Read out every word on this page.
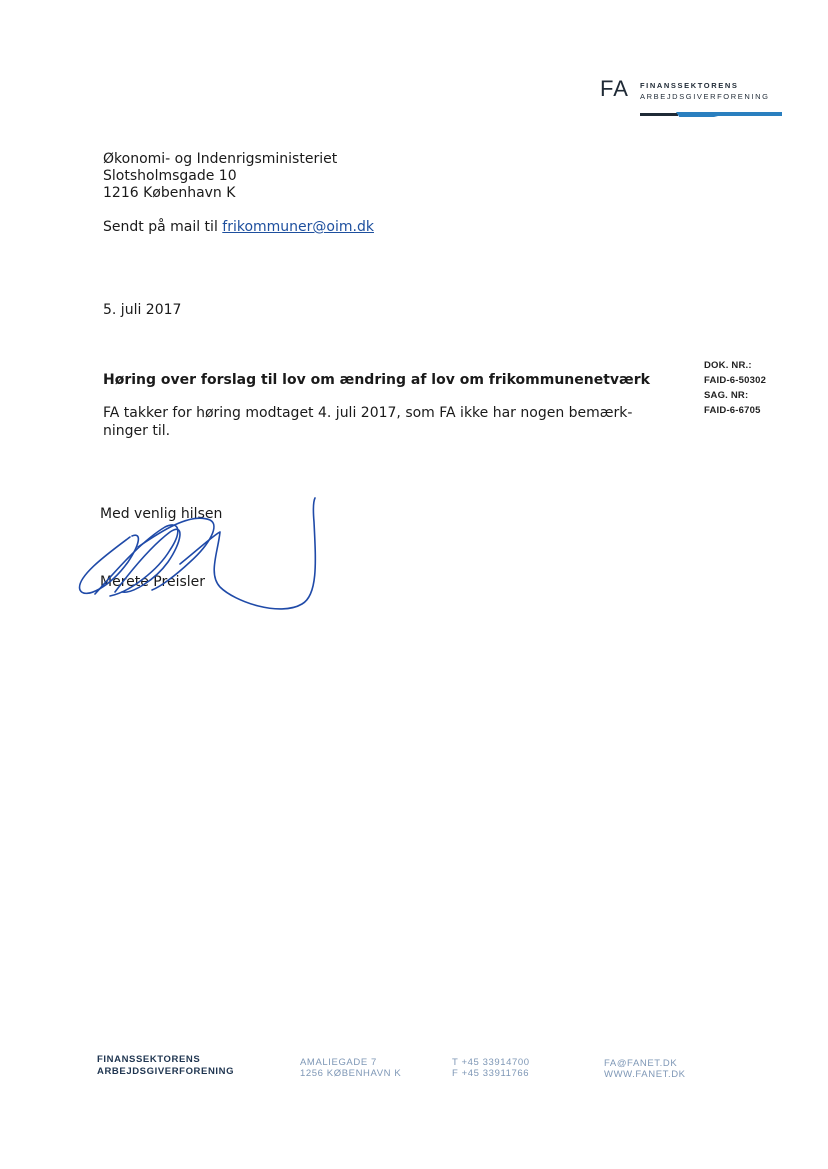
FA FINANSSEKTORENS
ARBEJDSGIVERFORENING
Økonomi- og Indenrigsministeriet
Slotsholmsgade 10
1216 København K
Sendt på mail til frikommuner@oim.dk
5. juli 2017
Høring over forslag til lov om ændring af lov om frikommunenetværk
FA takker for høring modtaget 4. juli 2017, som FA ikke har nogen bemærk-
ninger til.
DOK. NR.:
FAID-6-50302
SAG. NR:
FAID-6-6705
Med venlig hilsen
Merete Preisler
FINANSSEKTORENS
ARBEJDSGIVERFORENING
AMALIEGADE 7
1256 KØBENHAVN K
T +45 33914700
F +45 33911766
FA@FANET.DK
WWW.FANET.DK
